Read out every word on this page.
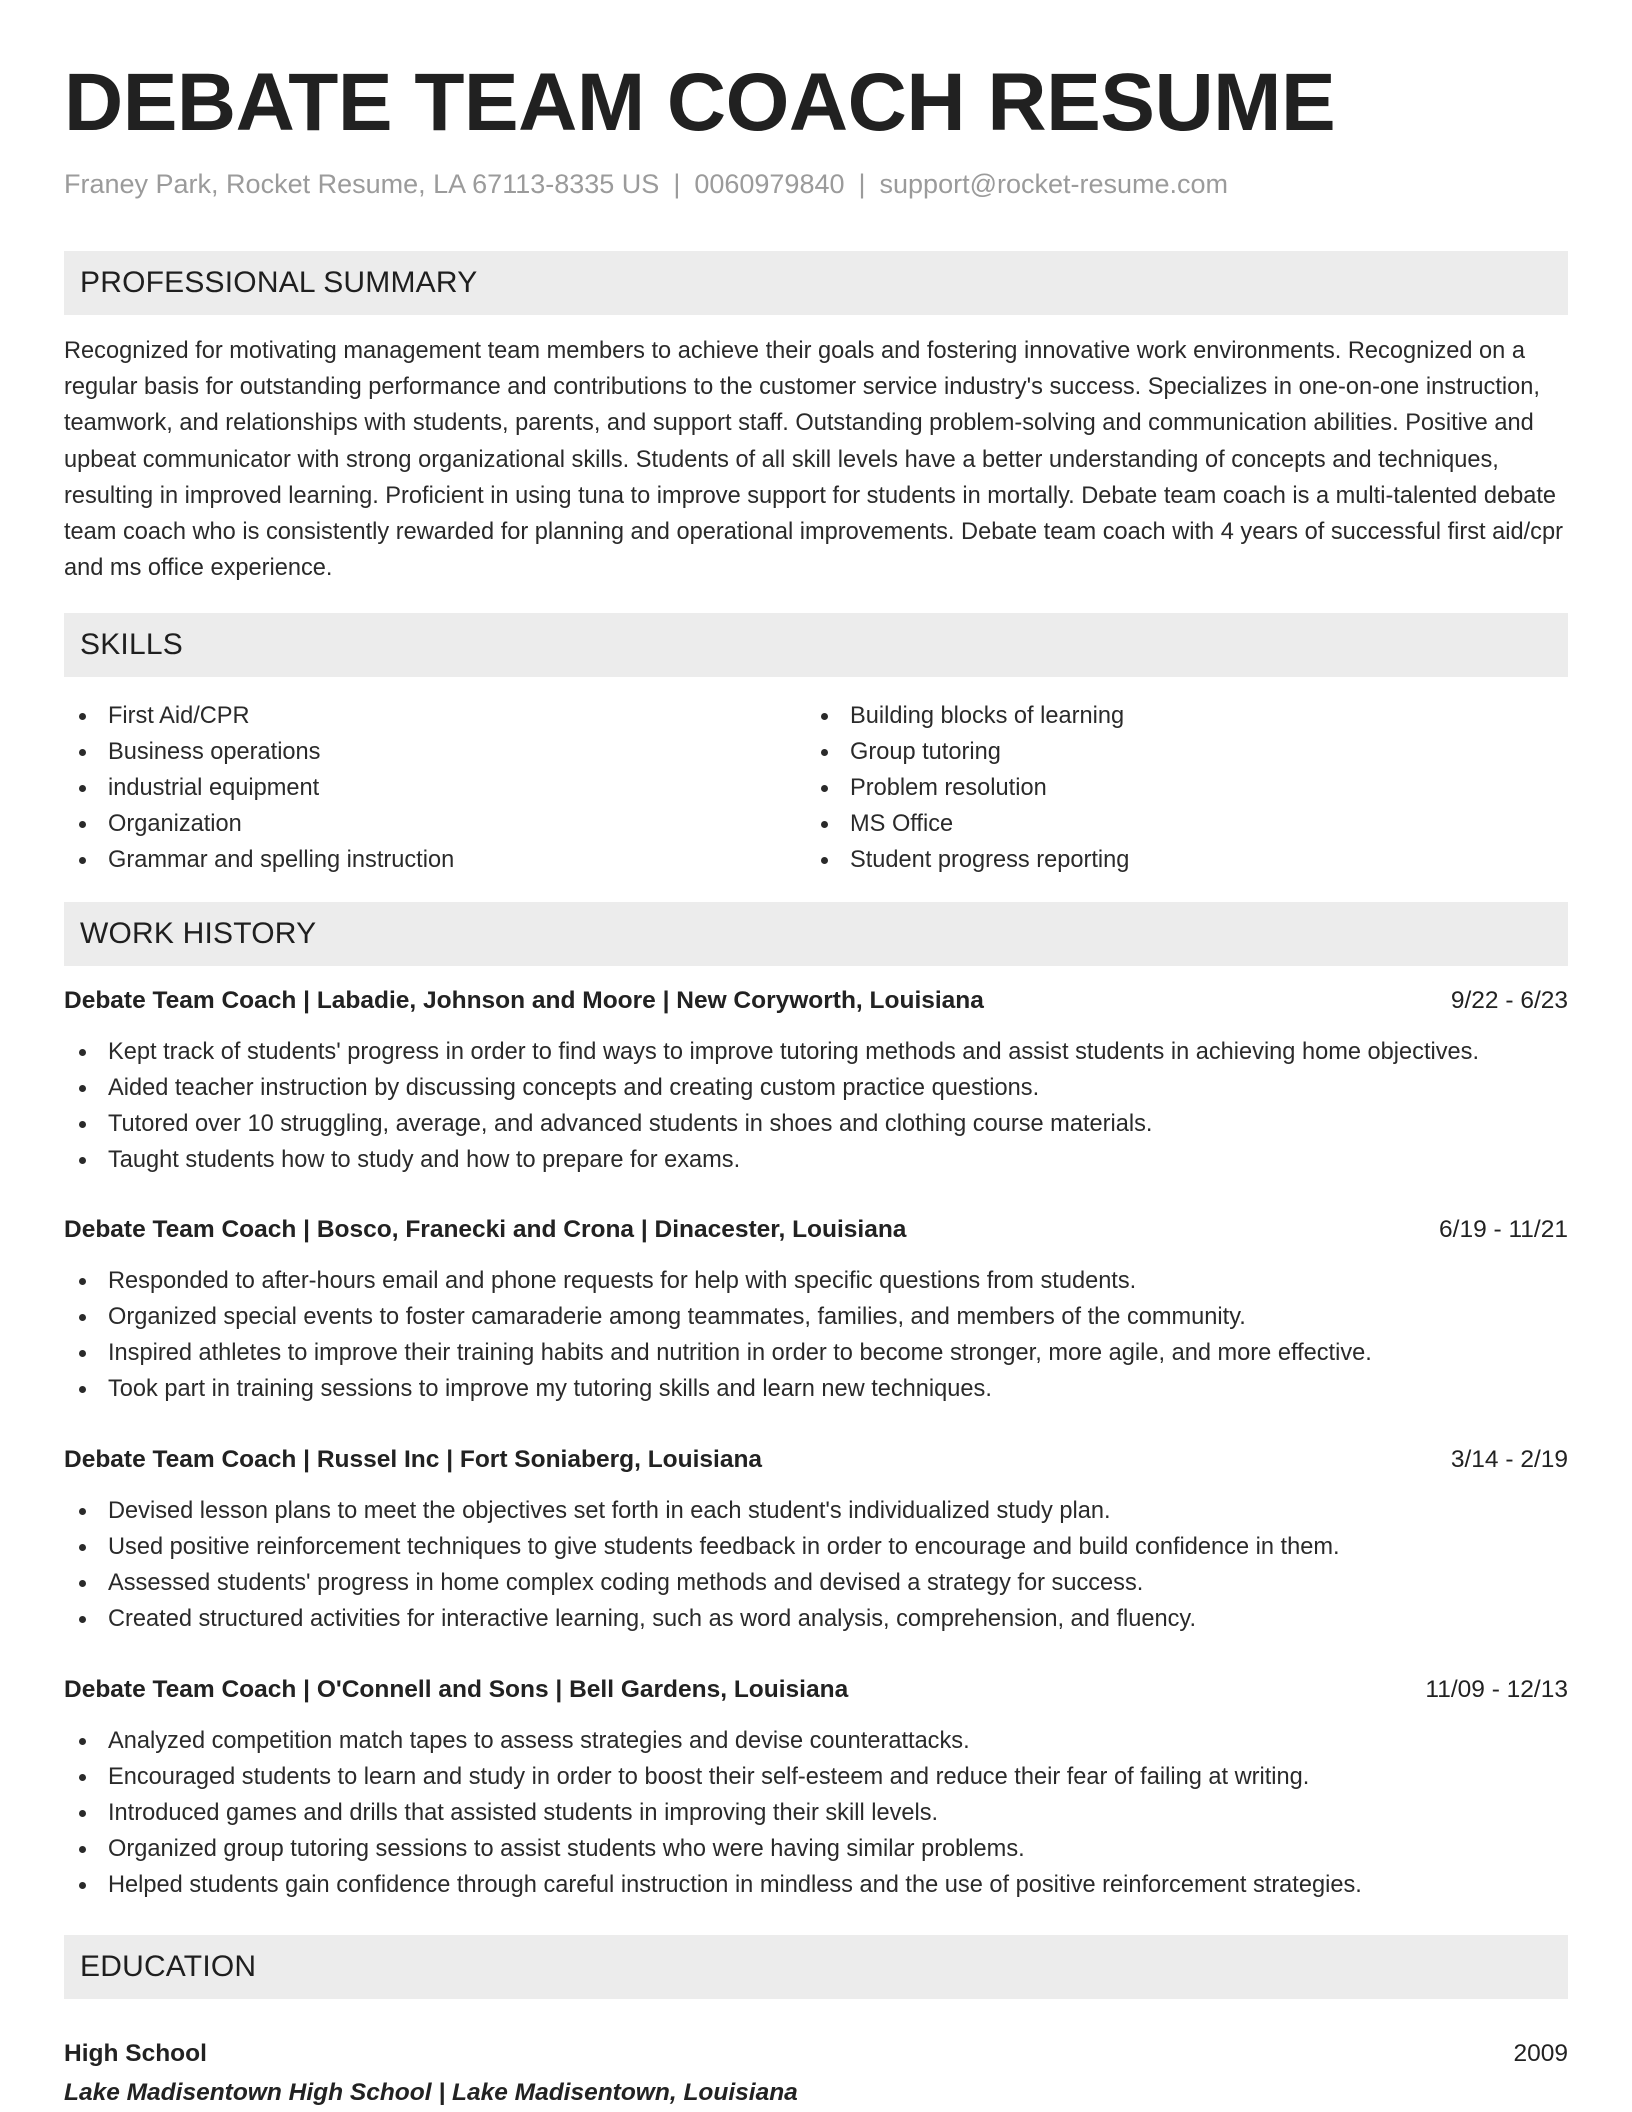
DEBATE TEAM COACH RESUME
Franey Park, Rocket Resume, LA 67113-8335 US | 0060979840 | support@rocket-resume.com
PROFESSIONAL SUMMARY
Recognized for motivating management team members to achieve their goals and fostering innovative work environments. Recognized on a regular basis for outstanding performance and contributions to the customer service industry's success. Specializes in one-on-one instruction, teamwork, and relationships with students, parents, and support staff. Outstanding problem-solving and communication abilities. Positive and upbeat communicator with strong organizational skills. Students of all skill levels have a better understanding of concepts and techniques, resulting in improved learning. Proficient in using tuna to improve support for students in mortally. Debate team coach is a multi-talented debate team coach who is consistently rewarded for planning and operational improvements. Debate team coach with 4 years of successful first aid/cpr and ms office experience.
SKILLS
First Aid/CPR
Business operations
industrial equipment
Organization
Grammar and spelling instruction
Building blocks of learning
Group tutoring
Problem resolution
MS Office
Student progress reporting
WORK HISTORY
Debate Team Coach | Labadie, Johnson and Moore | New Coryworth, Louisiana	9/22 - 6/23
Kept track of students' progress in order to find ways to improve tutoring methods and assist students in achieving home objectives.
Aided teacher instruction by discussing concepts and creating custom practice questions.
Tutored over 10 struggling, average, and advanced students in shoes and clothing course materials.
Taught students how to study and how to prepare for exams.
Debate Team Coach | Bosco, Franecki and Crona | Dinacester, Louisiana	6/19 - 11/21
Responded to after-hours email and phone requests for help with specific questions from students.
Organized special events to foster camaraderie among teammates, families, and members of the community.
Inspired athletes to improve their training habits and nutrition in order to become stronger, more agile, and more effective.
Took part in training sessions to improve my tutoring skills and learn new techniques.
Debate Team Coach | Russel Inc | Fort Soniaberg, Louisiana	3/14 - 2/19
Devised lesson plans to meet the objectives set forth in each student's individualized study plan.
Used positive reinforcement techniques to give students feedback in order to encourage and build confidence in them.
Assessed students' progress in home complex coding methods and devised a strategy for success.
Created structured activities for interactive learning, such as word analysis, comprehension, and fluency.
Debate Team Coach | O'Connell and Sons | Bell Gardens, Louisiana	11/09 - 12/13
Analyzed competition match tapes to assess strategies and devise counterattacks.
Encouraged students to learn and study in order to boost their self-esteem and reduce their fear of failing at writing.
Introduced games and drills that assisted students in improving their skill levels.
Organized group tutoring sessions to assist students who were having similar problems.
Helped students gain confidence through careful instruction in mindless and the use of positive reinforcement strategies.
EDUCATION
High School	2009
Lake Madisentown High School | Lake Madisentown, Louisiana
